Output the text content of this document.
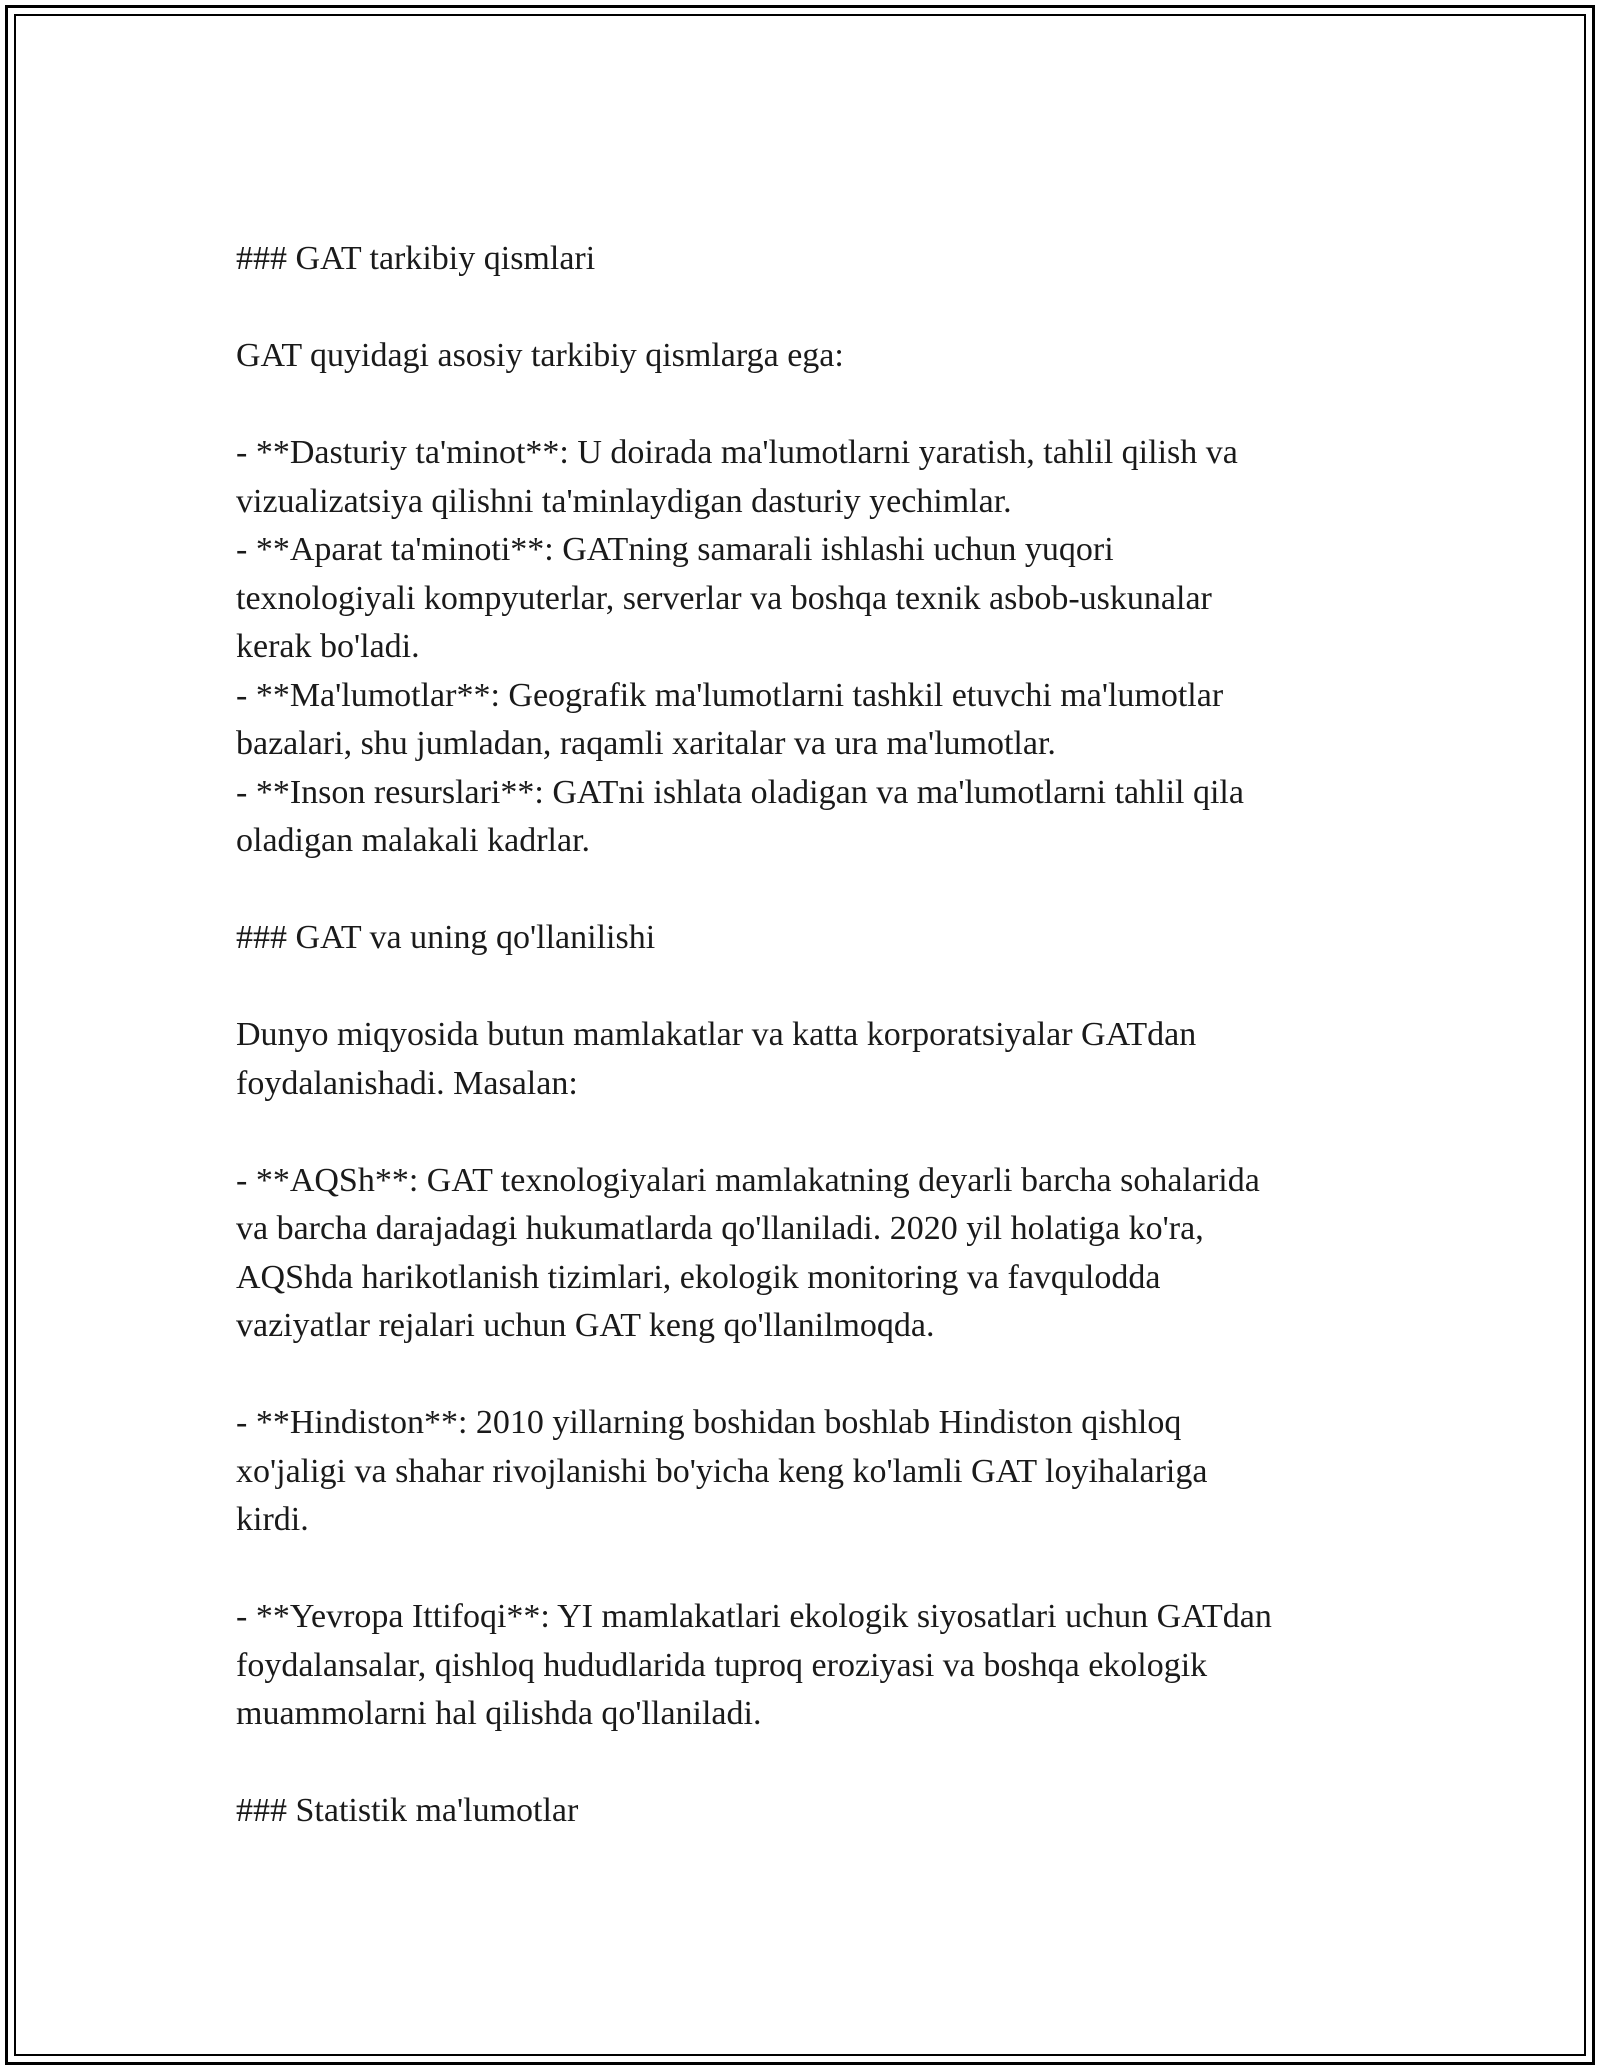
### GAT tarkibiy qismlari

GAT quyidagi asosiy tarkibiy qismlarga ega:

- **Dasturiy ta'minot**: U doirada ma'lumotlarni yaratish, tahlil qilish va

vizualizatsiya qilishni ta'minlaydigan dasturiy yechimlar.

- **Aparat ta'minoti**: GATning samarali ishlashi uchun yuqori

texnologiyali kompyuterlar, serverlar va boshqa texnik asbob-uskunalar

kerak bo'ladi.

- **Ma'lumotlar**: Geografik ma'lumotlarni tashkil etuvchi ma'lumotlar

bazalari, shu jumladan, raqamli xaritalar va ura ma'lumotlar.

- **Inson resurslari**: GATni ishlata oladigan va ma'lumotlarni tahlil qila

oladigan malakali kadrlar.

### GAT va uning qo'llanilishi

Dunyo miqyosida butun mamlakatlar va katta korporatsiyalar GATdan

foydalanishadi. Masalan:

- **AQSh**: GAT texnologiyalari mamlakatning deyarli barcha sohalarida

va barcha darajadagi hukumatlarda qo'llaniladi. 2020 yil holatiga ko'ra,

AQShda harikotlanish tizimlari, ekologik monitoring va favqulodda

vaziyatlar rejalari uchun GAT keng qo'llanilmoqda.

- **Hindiston**: 2010 yillarning boshidan boshlab Hindiston qishloq

xo'jaligi va shahar rivojlanishi bo'yicha keng ko'lamli GAT loyihalariga

kirdi.

- **Yevropa Ittifoqi**: YI mamlakatlari ekologik siyosatlari uchun GATdan

foydalansalar, qishloq hududlarida tuproq eroziyasi va boshqa ekologik

muammolarni hal qilishda qo'llaniladi.

### Statistik ma'lumotlar
